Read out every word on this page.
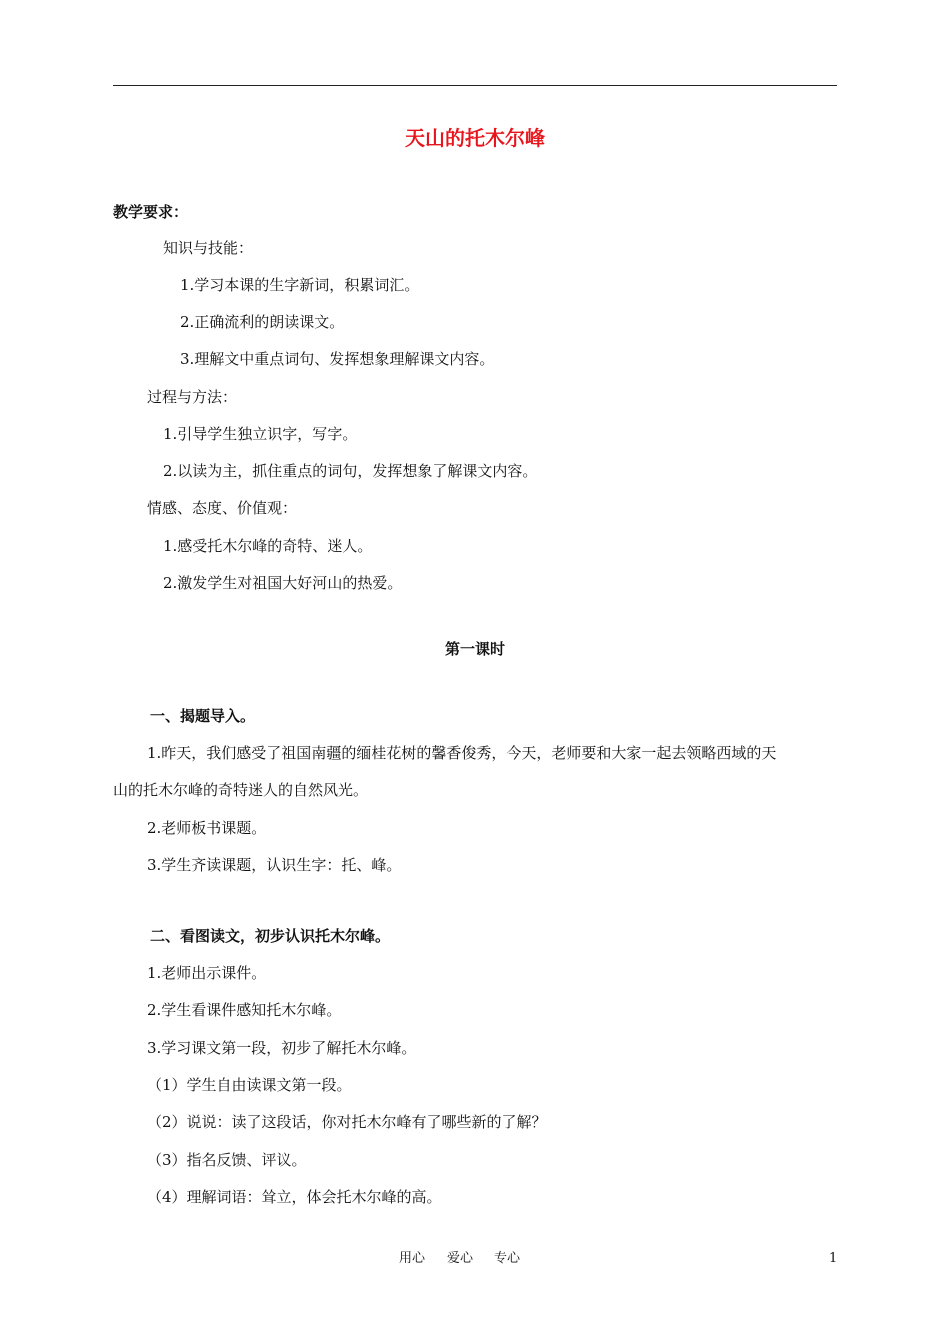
天山的托木尔峰
教学要求：
知识与技能：
1.学习本课的生字新词，积累词汇。
2.正确流利的朗读课文。
3.理解文中重点词句、发挥想象理解课文内容。
过程与方法：
1.引导学生独立识字，写字。
2.以读为主，抓住重点的词句，发挥想象了解课文内容。
情感、态度、价值观：
1.感受托木尔峰的奇特、迷人。
2.激发学生对祖国大好河山的热爱。
第一课时
一、揭题导入。
1.昨天，我们感受了祖国南疆的缅桂花树的馨香俊秀，今天，老师要和大家一起去领略西域的天
山的托木尔峰的奇特迷人的自然风光。
2.老师板书课题。
3.学生齐读课题，认识生字：托、峰。
二、看图读文，初步认识托木尔峰。
1.老师出示课件。
2.学生看课件感知托木尔峰。
3.学习课文第一段，初步了解托木尔峰。
（1）学生自由读课文第一段。
（2）说说：读了这段话，你对托木尔峰有了哪些新的了解？
（3）指名反馈、评议。
（4）理解词语：耸立，体会托木尔峰的高。
用心 爱心 专心	1
